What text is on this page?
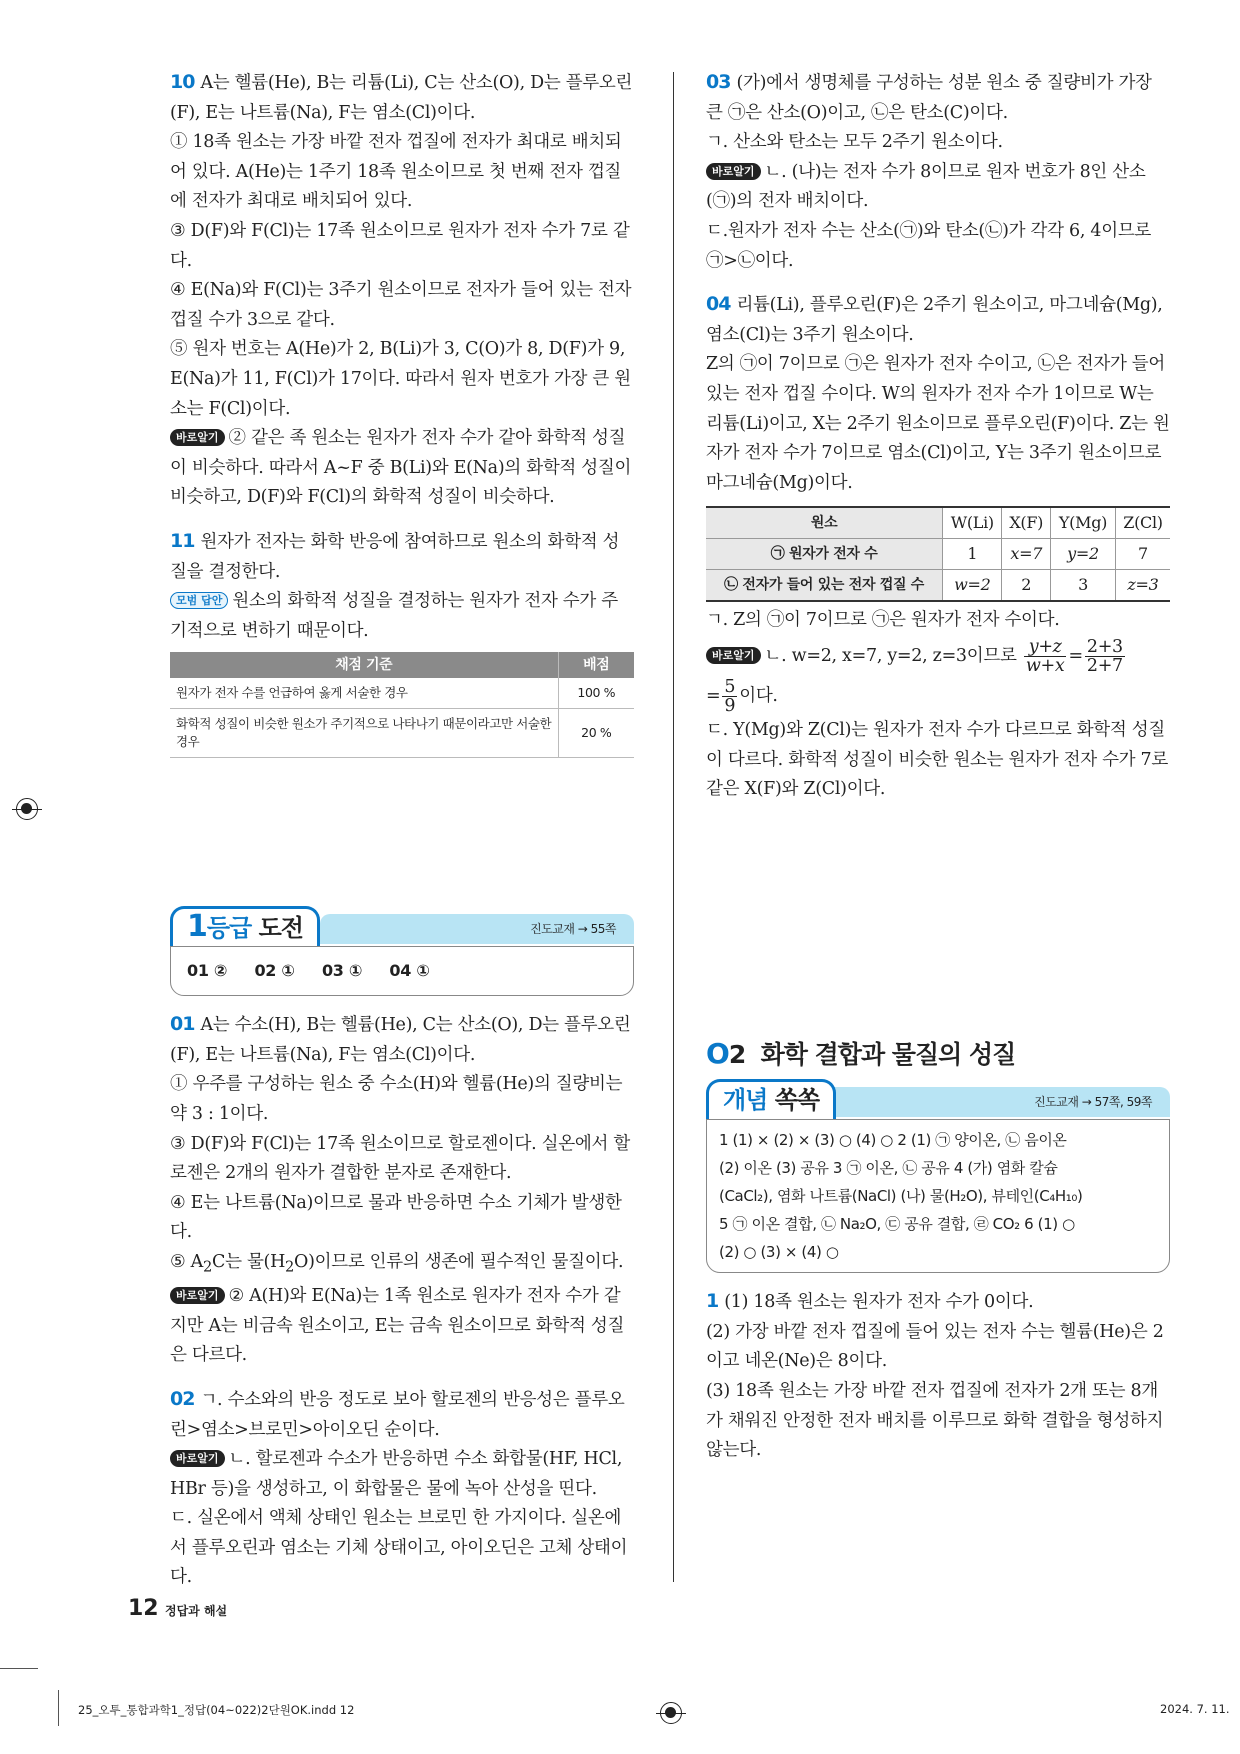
10 A는 헬륨(He), B는 리튬(Li), C는 산소(O), D는 플루오린(F), E는 나트륨(Na), F는 염소(Cl)이다.

① 18족 원소는 가장 바깥 전자 껍질에 전자가 최대로 배치되어 있다. A(He)는 1주기 18족 원소이므로 첫 번째 전자 껍질에 전자가 최대로 배치되어 있다.

③ D(F)와 F(Cl)는 17족 원소이므로 원자가 전자 수가 7로 같다.

④ E(Na)와 F(Cl)는 3주기 원소이므로 전자가 들어 있는 전자 껍질 수가 3으로 같다.

⑤ 원자 번호는 A(He)가 2, B(Li)가 3, C(O)가 8, D(F)가 9, E(Na)가 11, F(Cl)가 17이다. 따라서 원자 번호가 가장 큰 원소는 F(Cl)이다.

바로알기 ② 같은 족 원소는 원자가 전자 수가 같아 화학적 성질이 비슷하다. 따라서 A~F 중 B(Li)와 E(Na)의 화학적 성질이 비슷하고, D(F)와 F(Cl)의 화학적 성질이 비슷하다.

11 원자가 전자는 화학 반응에 참여하므로 원소의 화학적 성질을 결정한다.

모범 답안 원소의 화학적 성질을 결정하는 원자가 전자 수가 주기적으로 변하기 때문이다.

채점 기준	배점
원자가 전자 수를 언급하여 옳게 서술한 경우	100 %
화학적 성질이 비슷한 원소가 주기적으로 나타나기 때문이라고만 서술한 경우	20 %
1등급 도전	진도교재 → 55쪽
01 ② 02 ① 03 ① 04 ①

01 A는 수소(H), B는 헬륨(He), C는 산소(O), D는 플루오린(F), E는 나트륨(Na), F는 염소(Cl)이다.

① 우주를 구성하는 원소 중 수소(H)와 헬륨(He)의 질량비는 약 3 : 1이다.

③ D(F)와 F(Cl)는 17족 원소이므로 할로젠이다. 실온에서 할로젠은 2개의 원자가 결합한 분자로 존재한다.

④ E는 나트륨(Na)이므로 물과 반응하면 수소 기체가 발생한다.

⑤ $A_2C$는 물$(H_2O)$이므로 인류의 생존에 필수적인 물질이다.

바로알기 ② A(H)와 E(Na)는 1족 원소로 원자가 전자 수가 같지만 A는 비금속 원소이고, E는 금속 원소이므로 화학적 성질은 다르다.

02 ㄱ. 수소와의 반응 정도로 보아 할로젠의 반응성은 플루오린>염소>브로민>아이오딘 순이다.

바로알기 ㄴ. 할로젠과 수소가 반응하면 수소 화합물(HF, HCl, HBr 등)을 생성하고, 이 화합물은 물에 녹아 산성을 띤다.

ㄷ. 실온에서 액체 상태인 원소는 브로민 한 가지이다. 실온에서 플루오린과 염소는 기체 상태이고, 아이오딘은 고체 상태이다.

03 (가)에서 생명체를 구성하는 성분 원소 중 질량비가 가장 큰 ㉠은 산소(O)이고, ㉡은 탄소(C)이다.

ㄱ. 산소와 탄소는 모두 2주기 원소이다.

바로알기 ㄴ. (나)는 전자 수가 8이므로 원자 번호가 8인 산소(㉠)의 전자 배치이다.

ㄷ.원자가 전자 수는 산소(㉠)와 탄소(㉡)가 각각 6, 4이므로 ㉠>㉡이다.

04 리튬(Li), 플루오린(F)은 2주기 원소이고, 마그네슘(Mg), 염소(Cl)는 3주기 원소이다.

Z의 ㉠이 7이므로 ㉠은 원자가 전자 수이고, ㉡은 전자가 들어 있는 전자 껍질 수이다. W의 원자가 전자 수가 1이므로 W는 리튬(Li)이고, X는 2주기 원소이므로 플루오린(F)이다. Z는 원자가 전자 수가 7이므로 염소(Cl)이고, Y는 3주기 원소이므로 마그네슘(Mg)이다.

원소	W(Li)	X(F)	Y(Mg)	Z(Cl)
㉠ 원자가 전자 수	1	x=7	y=2	7
㉡ 전자가 들어 있는 전자 껍질 수	w=2	2	3	z=3

ㄱ. Z의 ㉠이 7이므로 ㉠은 원자가 전자 수이다.

바로알기 ㄴ. w=2, x=7, y=2, z=3이므로 $\frac{y+z}{w+x} = \frac{2+3}{2+7}$

= $\frac{5}{9}$ 이다.

ㄷ. Y(Mg)와 Z(Cl)는 원자가 전자 수가 다르므로 화학적 성질이 다르다. 화학적 성질이 비슷한 원소는 원자가 전자 수가 7로 같은 X(F)와 Z(Cl)이다.

O2 화학 결합과 물질의 성질
개념 쏙쏙	진도교재 → 57쪽, 59쪽

1 (1) × (2) × (3) ○ (4) ○ 2 (1) ㉠ 양이온, ㉡ 음이온

(2) 이온 (3) 공유 3 ㉠ 이온, ㉡ 공유 4 (가) 염화 칼슘

(CaCl₂), 염화 나트륨(NaCl) (나) 물(H₂O), 뷰테인(C₄H₁₀)

5 ㉠ 이온 결합, ㉡ Na₂O, ㉢ 공유 결합, ㉣ CO₂ 6 (1) ○

(2) ○ (3) × (4) ○

1 (1) 18족 원소는 원자가 전자 수가 0이다.

(2) 가장 바깥 전자 껍질에 들어 있는 전자 수는 헬륨(He)은 2이고 네온(Ne)은 8이다.

(3) 18족 원소는 가장 바깥 전자 껍질에 전자가 2개 또는 8개가 채워진 안정한 전자 배치를 이루므로 화학 결합을 형성하지 않는다.

12 정답과 해설
25_오투_통합과학1_정답(04~022)2단원OK.indd 12	2024. 7. 11.
